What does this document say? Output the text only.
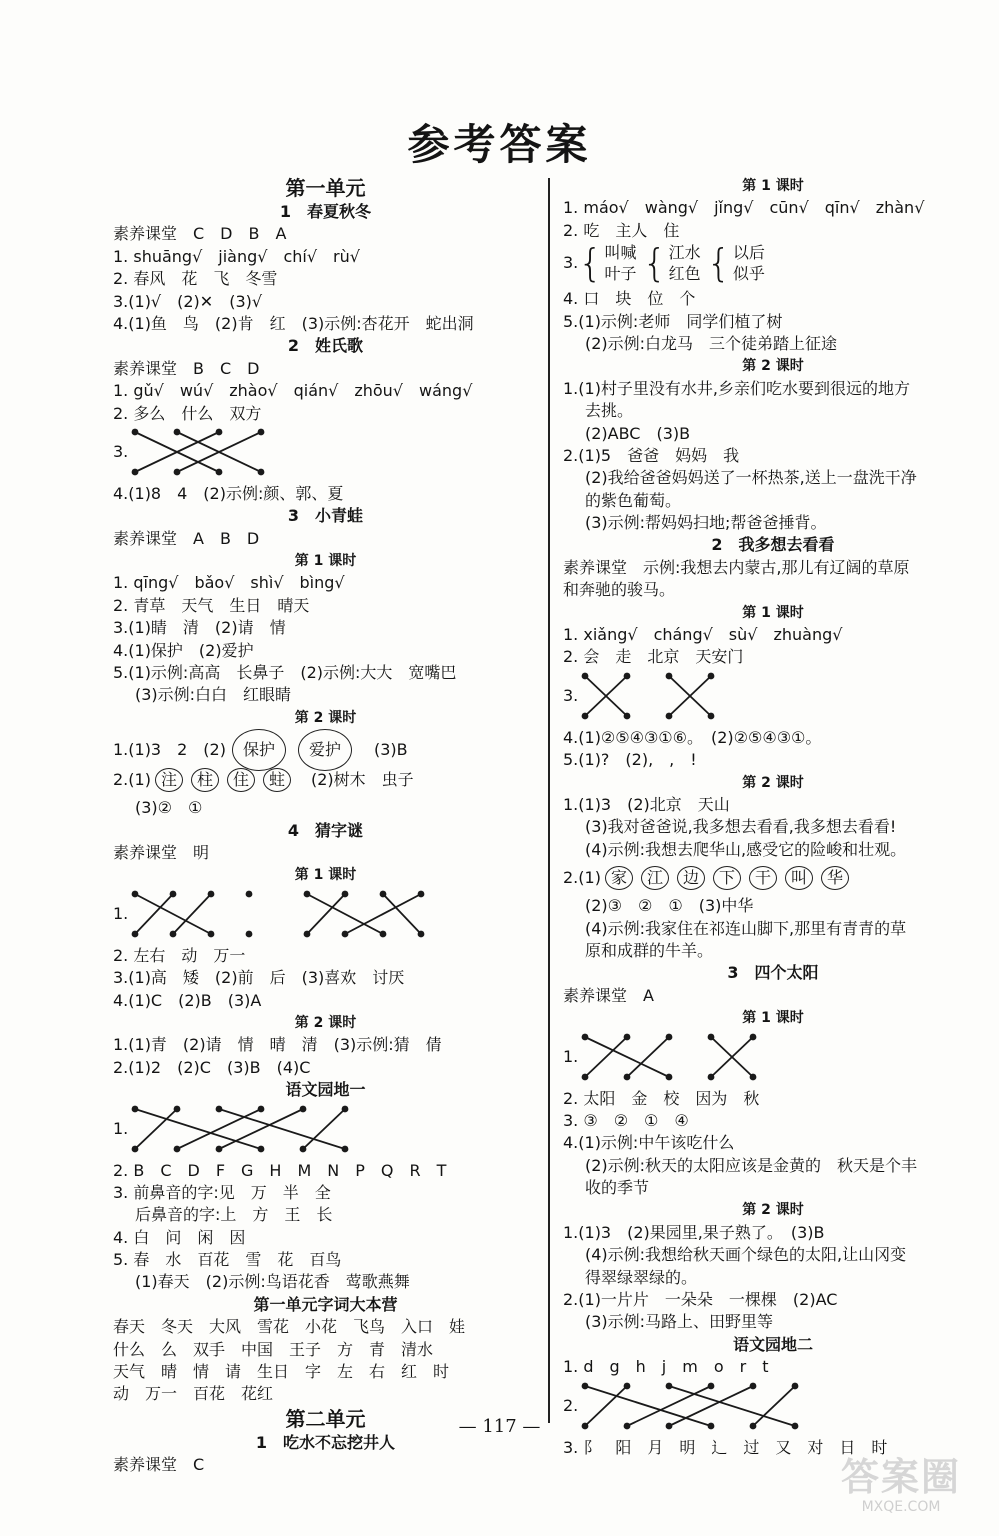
参考答案
第一单元
1　春夏秋冬
素养课堂　C　D　B　A
1. shuāng√　jiàng√　chí√　rù√
2. 春风　花　飞　冬雪
3.(1)√　(2)✕　(3)√
4.(1)鱼　鸟　(2)肯　红　(3)示例:杏花开　蛇出洞
2　姓氏歌
素养课堂　B　C　D
1. gǔ√　wú√　zhào√　qián√　zhōu√　wáng√
2. 多么　什么　双方
3.
4.(1)8　4　(2)示例:颜、郭、夏
3　小青蛙
素养课堂　A　B　D
第 1 课时
1. qīng√　bǎo√　shì√　bìng√
2. 青草　天气　生日　晴天
3.(1)睛　清　(2)请　情
4.(1)保护　(2)爱护
5.(1)示例:高高　长鼻子　(2)示例:大大　宽嘴巴
(3)示例:白白　红眼睛
第 2 课时
1.(1)3　2　(2) 保护 爱护　(3)B
2.(1) 注 柱 住 蛀　(2)树木　虫子
(3)②　①
4　猜字谜
素养课堂　明
第 1 课时
1.
2. 左右　动　万一
3.(1)高　矮　(2)前　后　(3)喜欢　讨厌
4.(1)C　(2)B　(3)A
第 2 课时
1.(1)青　(2)请　情　晴　清　(3)示例:猜　倩
2.(1)2　(2)C　(3)B　(4)C
语文园地一
1.
2. B　C　D　F　G　H　M　N　P　Q　R　T
3. 前鼻音的字:见　万　半　全
后鼻音的字:上　方　王　长
4. 白　问　闲　因
5. 春　水　百花　雪　花　百鸟
(1)春天　(2)示例:鸟语花香　莺歌燕舞
第一单元字词大本营
春天　冬天　大风　雪花　小花　飞鸟　入口　娃
什么　么　双手　中国　王子　方　青　清水
天气　晴　情　请　生日　字　左　右　红　时
动　万一　百花　花红
第二单元
1　吃水不忘挖井人
素养课堂　C
第 1 课时
1. máo√　wàng√　jǐng√　cūn√　qīn√　zhàn√
2. 吃　主人　住
3.{ 叫喊
叶子 { 江水
红色 { 以后
似乎
4. 口　块　位　个
5.(1)示例:老师　同学们植了树
(2)示例:白龙马　三个徒弟踏上征途
第 2 课时
1.(1)村子里没有水井,乡亲们吃水要到很远的地方
去挑。
(2)ABC　(3)B
2.(1)5　爸爸　妈妈　我
(2)我给爸爸妈妈送了一杯热茶,送上一盘洗干净
的紫色葡萄。
(3)示例:帮妈妈扫地;帮爸爸捶背。
2　我多想去看看
素养课堂　示例:我想去内蒙古,那儿有辽阔的草原
和奔驰的骏马。
第 1 课时
1. xiǎng√　cháng√　sù√　zhuàng√
2. 会　走　北京　天安门
3.
4.(1)②⑤④③①⑥。　(2)②⑤④③①。
5.(1)?　(2),　,　!
第 2 课时
1.(1)3　(2)北京　天山
(3)我对爸爸说,我多想去看看,我多想去看看!
(4)示例:我想去爬华山,感受它的险峻和壮观。
2.(1) 家 江 边 下 干 叫 华
(2)③　②　①　(3)中华
(4)示例:我家住在祁连山脚下,那里有青青的草
原和成群的牛羊。
3　四个太阳
素养课堂　A
第 1 课时
1.
2. 太阳　金　校　因为　秋
3. ③　②　①　④
4.(1)示例:中午该吃什么
(2)示例:秋天的太阳应该是金黄的　秋天是个丰
收的季节
第 2 课时
1.(1)3　(2)果园里,果子熟了。　(3)B
(4)示例:我想给秋天画个绿色的太阳,让山冈变
得翠绿翠绿的。
2.(1)一片片　一朵朵　一棵棵　(2)AC
(3)示例:马路上、田野里等
语文园地二
1. d　g　h　j　m　o　r　t
2.
3. 阝　阳　月　明　辶　过　又　对　日　时
— 117 —
答案圈
MXQE.COM
